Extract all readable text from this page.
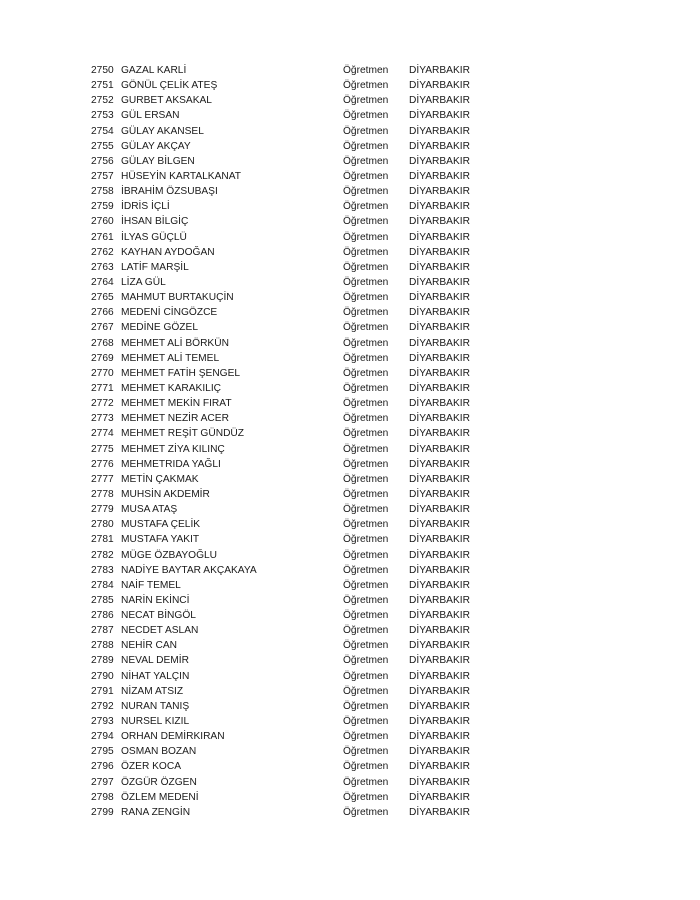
2750 GAZAL KARLİ	Öğretmen	DİYARBAKIR
2751 GÖNÜL ÇELİK ATEŞ	Öğretmen	DİYARBAKIR
2752 GURBET AKSAKAL	Öğretmen	DİYARBAKIR
2753 GÜL ERSAN	Öğretmen	DİYARBAKIR
2754 GÜLAY AKANSEL	Öğretmen	DİYARBAKIR
2755 GÜLAY AKÇAY	Öğretmen	DİYARBAKIR
2756 GÜLAY BİLGEN	Öğretmen	DİYARBAKIR
2757 HÜSEYİN KARTALKANAT	Öğretmen	DİYARBAKIR
2758 İBRAHİM ÖZSUBAŞI	Öğretmen	DİYARBAKIR
2759 İDRİS İÇLİ	Öğretmen	DİYARBAKIR
2760 İHSAN BİLGİÇ	Öğretmen	DİYARBAKIR
2761 İLYAS GÜÇLÜ	Öğretmen	DİYARBAKIR
2762 KAYHAN AYDOĞAN	Öğretmen	DİYARBAKIR
2763 LATİF MARŞİL	Öğretmen	DİYARBAKIR
2764 LİZA GÜL	Öğretmen	DİYARBAKIR
2765 MAHMUT BURTAKUÇİN	Öğretmen	DİYARBAKIR
2766 MEDENİ CİNGÖZCE	Öğretmen	DİYARBAKIR
2767 MEDİNE GÖZEL	Öğretmen	DİYARBAKIR
2768 MEHMET ALİ BÖRKÜN	Öğretmen	DİYARBAKIR
2769 MEHMET ALİ TEMEL	Öğretmen	DİYARBAKIR
2770 MEHMET FATİH ŞENGEL	Öğretmen	DİYARBAKIR
2771 MEHMET KARAKILIÇ	Öğretmen	DİYARBAKIR
2772 MEHMET MEKİN FIRAT	Öğretmen	DİYARBAKIR
2773 MEHMET NEZİR ACER	Öğretmen	DİYARBAKIR
2774 MEHMET REŞİT GÜNDÜZ	Öğretmen	DİYARBAKIR
2775 MEHMET ZİYA KILINÇ	Öğretmen	DİYARBAKIR
2776 MEHMETRIDA YAĞLI	Öğretmen	DİYARBAKIR
2777 METİN ÇAKMAK	Öğretmen	DİYARBAKIR
2778 MUHSİN AKDEMİR	Öğretmen	DİYARBAKIR
2779 MUSA ATAŞ	Öğretmen	DİYARBAKIR
2780 MUSTAFA ÇELİK	Öğretmen	DİYARBAKIR
2781 MUSTAFA YAKIT	Öğretmen	DİYARBAKIR
2782 MÜGE ÖZBAYOĞLU	Öğretmen	DİYARBAKIR
2783 NADİYE BAYTAR AKÇAKAYA	Öğretmen	DİYARBAKIR
2784 NAİF TEMEL	Öğretmen	DİYARBAKIR
2785 NARİN EKİNCİ	Öğretmen	DİYARBAKIR
2786 NECAT BİNGÖL	Öğretmen	DİYARBAKIR
2787 NECDET ASLAN	Öğretmen	DİYARBAKIR
2788 NEHİR CAN	Öğretmen	DİYARBAKIR
2789 NEVAL DEMİR	Öğretmen	DİYARBAKIR
2790 NİHAT YALÇIN	Öğretmen	DİYARBAKIR
2791 NİZAM ATSIZ	Öğretmen	DİYARBAKIR
2792 NURAN TANIŞ	Öğretmen	DİYARBAKIR
2793 NURSEL KIZIL	Öğretmen	DİYARBAKIR
2794 ORHAN DEMİRKIRAN	Öğretmen	DİYARBAKIR
2795 OSMAN BOZAN	Öğretmen	DİYARBAKIR
2796 ÖZER KOCA	Öğretmen	DİYARBAKIR
2797 ÖZGÜR ÖZGEN	Öğretmen	DİYARBAKIR
2798 ÖZLEM MEDENİ	Öğretmen	DİYARBAKIR
2799 RANA ZENGİN	Öğretmen	DİYARBAKIR
